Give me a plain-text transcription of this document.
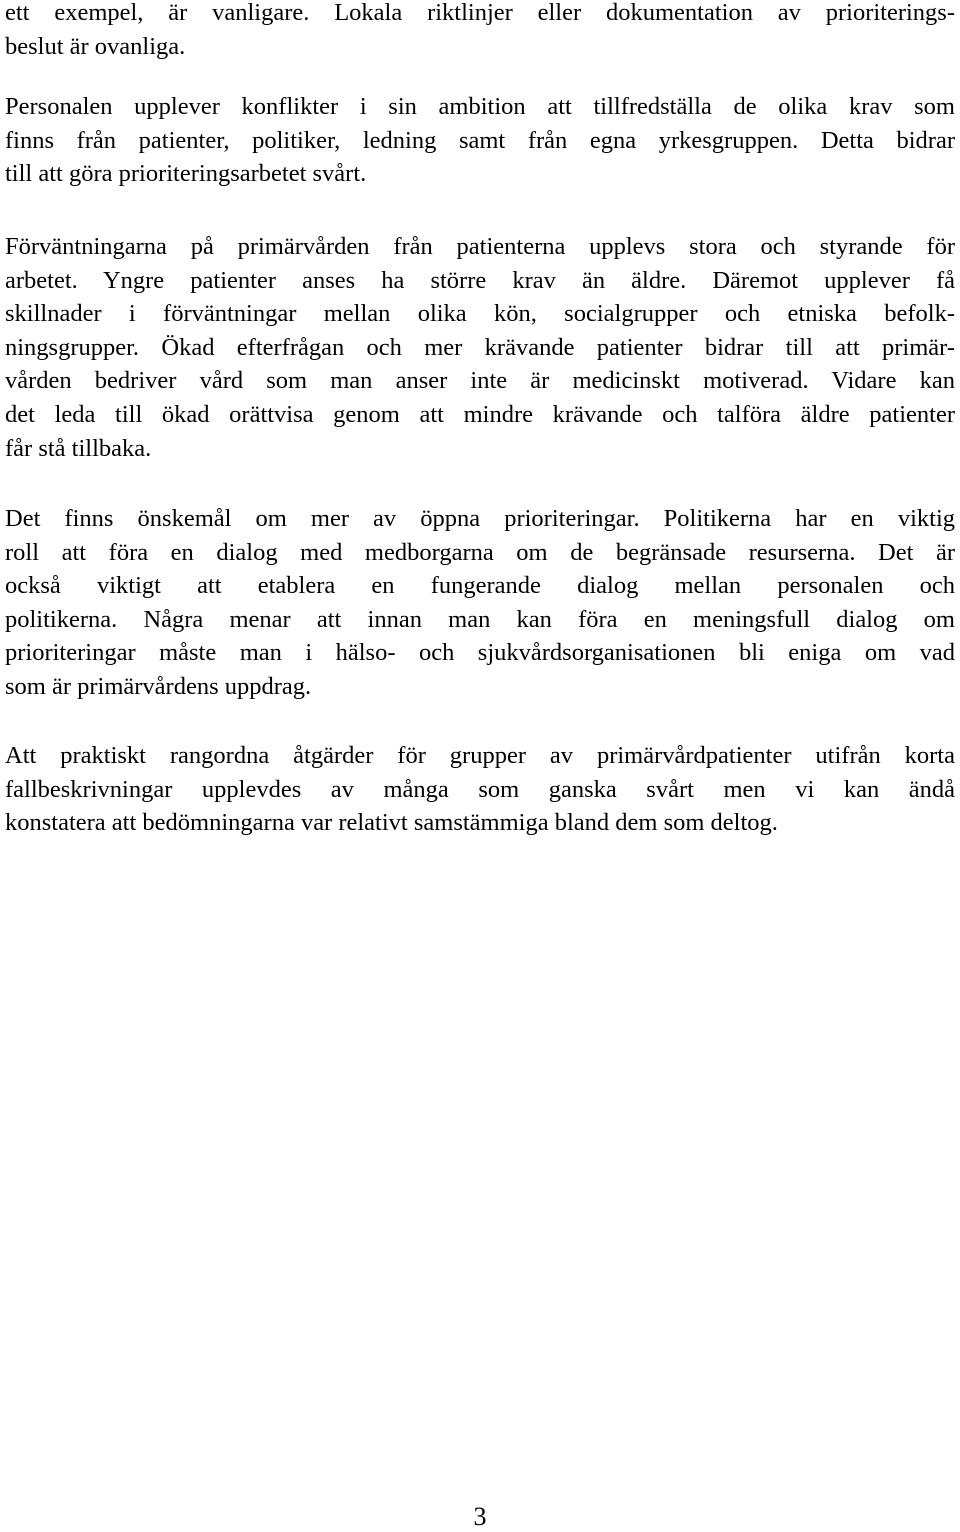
ett exempel, är vanligare. Lokala riktlinjer eller dokumentation av prioriterings-
beslut är ovanliga.
Personalen upplever konflikter i sin ambition att tillfredställa de olika krav som
finns från patienter, politiker, ledning samt från egna yrkesgruppen. Detta bidrar
till att göra prioriteringsarbetet svårt.
Förväntningarna på primärvården från patienterna upplevs stora och styrande för
arbetet. Yngre patienter anses ha större krav än äldre. Däremot upplever få
skillnader i förväntningar mellan olika kön, socialgrupper och etniska befolk-
ningsgrupper. Ökad efterfrågan och mer krävande patienter bidrar till att primär-
vården bedriver vård som man anser inte är medicinskt motiverad. Vidare kan
det leda till ökad orättvisa genom att mindre krävande och talföra äldre patienter
får stå tillbaka.
Det finns önskemål om mer av öppna prioriteringar. Politikerna har en viktig
roll att föra en dialog med medborgarna om de begränsade resurserna. Det är
också viktigt att etablera en fungerande dialog mellan personalen och
politikerna. Några menar att innan man kan föra en meningsfull dialog om
prioriteringar måste man i hälso- och sjukvårdsorganisationen bli eniga om vad
som är primärvårdens uppdrag.
Att praktiskt rangordna åtgärder för grupper av primärvårdpatienter utifrån korta
fallbeskrivningar upplevdes av många som ganska svårt men vi kan ändå
konstatera att bedömningarna var relativt samstämmiga bland dem som deltog.
3
